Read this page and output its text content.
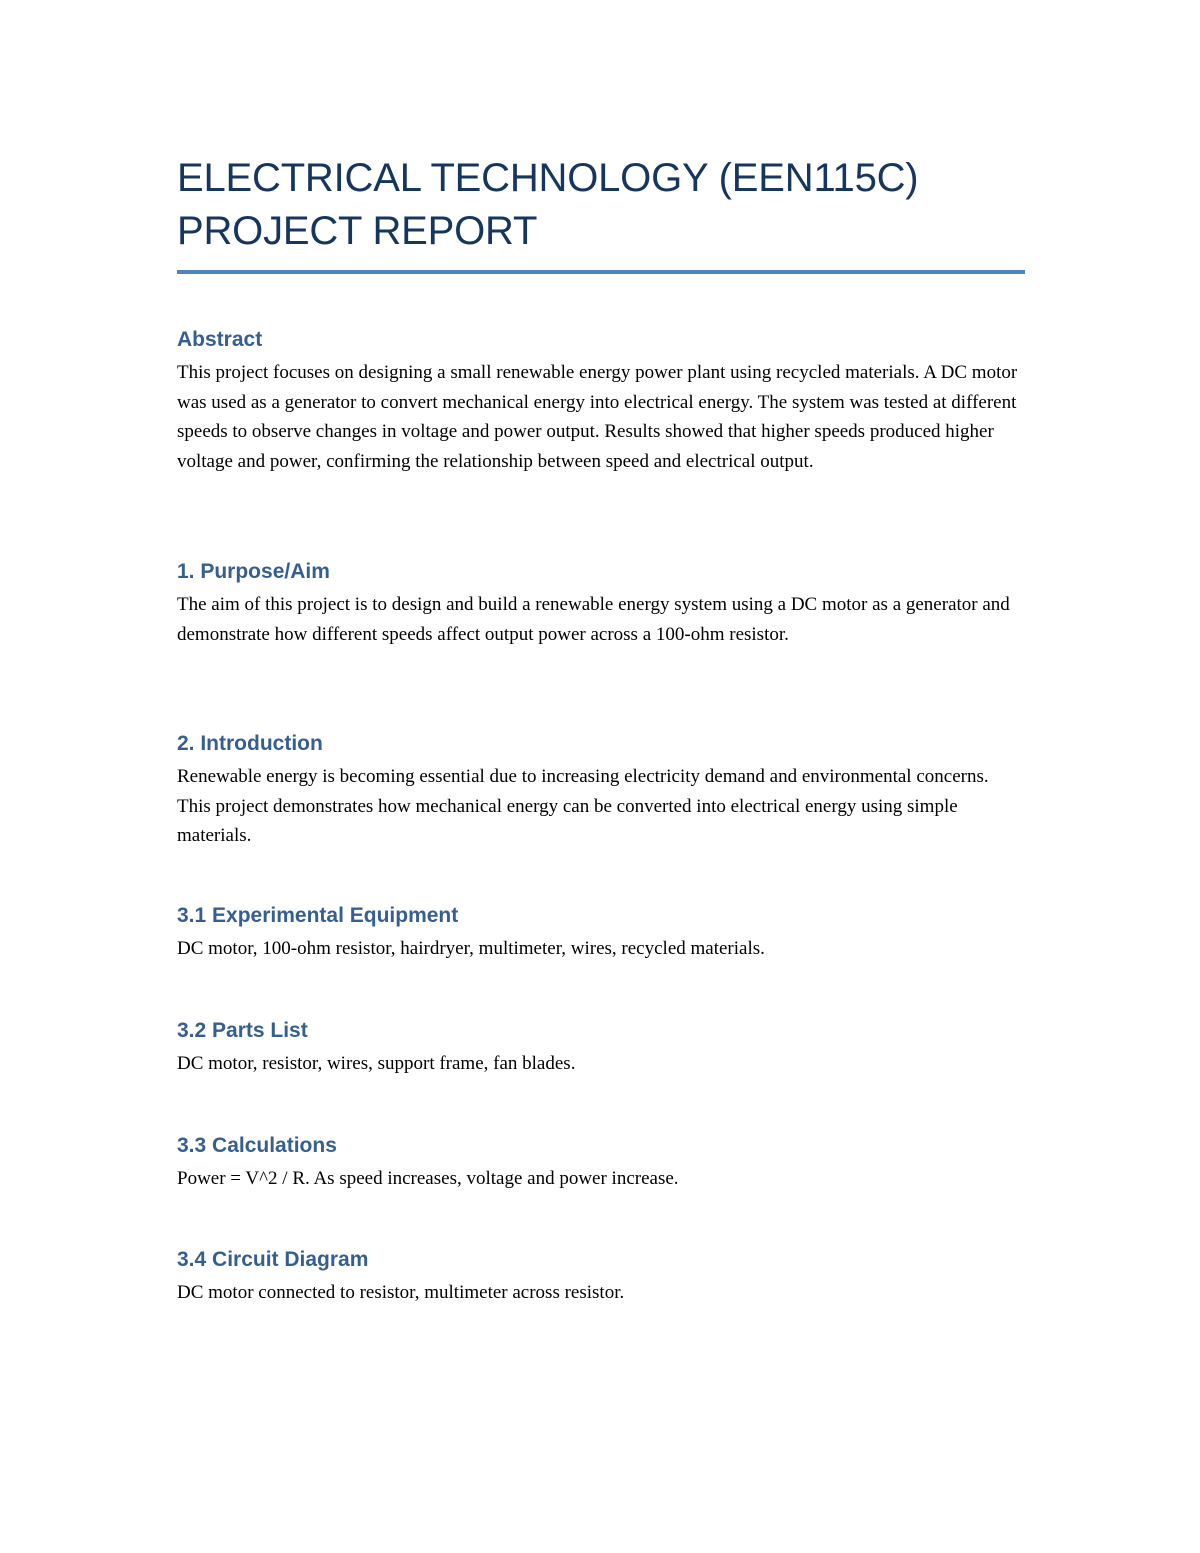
ELECTRICAL TECHNOLOGY (EEN115C)
PROJECT REPORT
Abstract

This project focuses on designing a small renewable energy power plant using recycled materials. A DC motor was used as a generator to convert mechanical energy into electrical energy. The system was tested at different speeds to observe changes in voltage and power output. Results showed that higher speeds produced higher voltage and power, confirming the relationship between speed and electrical output.

1. Purpose/Aim

The aim of this project is to design and build a renewable energy system using a DC motor as a generator and demonstrate how different speeds affect output power across a 100-ohm resistor.

2. Introduction

Renewable energy is becoming essential due to increasing electricity demand and environmental concerns. This project demonstrates how mechanical energy can be converted into electrical energy using simple materials.

3.1 Experimental Equipment

DC motor, 100-ohm resistor, hairdryer, multimeter, wires, recycled materials.

3.2 Parts List

DC motor, resistor, wires, support frame, fan blades.

3.3 Calculations

Power = V^2 / R. As speed increases, voltage and power increase.

3.4 Circuit Diagram

DC motor connected to resistor, multimeter across resistor.
